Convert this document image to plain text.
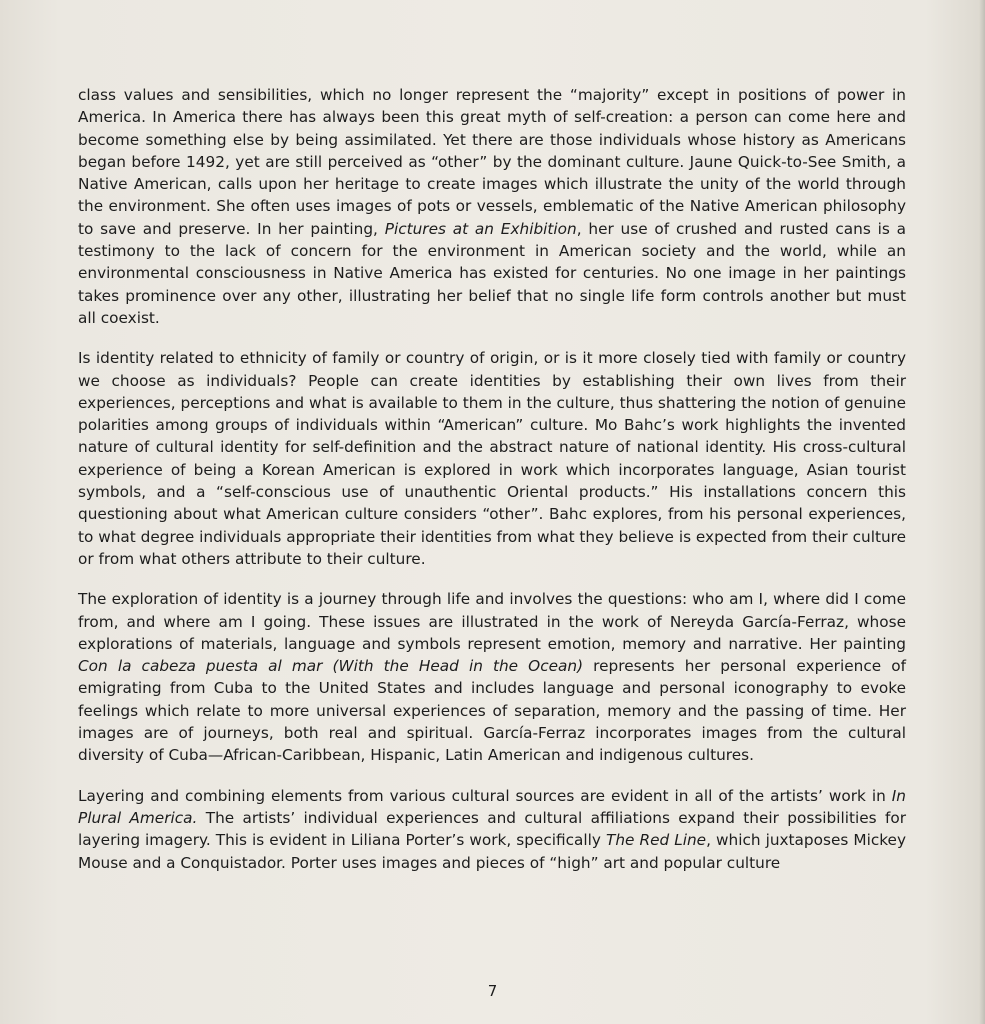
class values and sensibilities, which no longer represent the “majority” except in positions of power in America. In America there has always been this great myth of self-creation: a person can come here and become something else by being assimilated. Yet there are those individuals whose history as Americans began before 1492, yet are still perceived as “other” by the dominant culture. Jaune Quick-to-See Smith, a Native American, calls upon her heritage to create images which illustrate the unity of the world through the environment. She often uses images of pots or vessels, emblematic of the Native American philosophy to save and preserve. In her painting, Pictures at an Exhibition, her use of crushed and rusted cans is a testimony to the lack of concern for the environment in American society and the world, while an environmental consciousness in Native America has existed for centuries. No one image in her paintings takes prominence over any other, illustrating her belief that no single life form controls another but must all coexist.

Is identity related to ethnicity of family or country of origin, or is it more closely tied with family or country we choose as individuals? People can create identities by establishing their own lives from their experiences, perceptions and what is available to them in the culture, thus shattering the notion of genuine polarities among groups of individuals within “American” culture. Mo Bahc’s work highlights the invented nature of cultural identity for self-definition and the abstract nature of national identity. His cross-cultural experience of being a Korean American is explored in work which incorporates language, Asian tourist symbols, and a “self-conscious use of unauthentic Oriental products.” His installations concern this questioning about what American culture considers “other”. Bahc explores, from his personal experiences, to what degree individuals appropriate their identities from what they believe is expected from their culture or from what others attribute to their culture.

The exploration of identity is a journey through life and involves the questions: who am I, where did I come from, and where am I going. These issues are illustrated in the work of Nereyda García-Ferraz, whose explorations of materials, language and symbols represent emotion, memory and narrative. Her painting Con la cabeza puesta al mar (With the Head in the Ocean) represents her personal experience of emigrating from Cuba to the United States and includes language and personal iconography to evoke feelings which relate to more universal experiences of separation, memory and the passing of time. Her images are of journeys, both real and spiritual. García-Ferraz incorporates images from the cultural diversity of Cuba—African-Caribbean, Hispanic, Latin American and indigenous cultures.

Layering and combining elements from various cultural sources are evident in all of the artists’ work in In Plural America. The artists’ individual experiences and cultural affiliations expand their possibilities for layering imagery. This is evident in Liliana Porter’s work, specifically The Red Line, which juxtaposes Mickey Mouse and a Conquistador. Porter uses images and pieces of “high” art and popular culture

7
